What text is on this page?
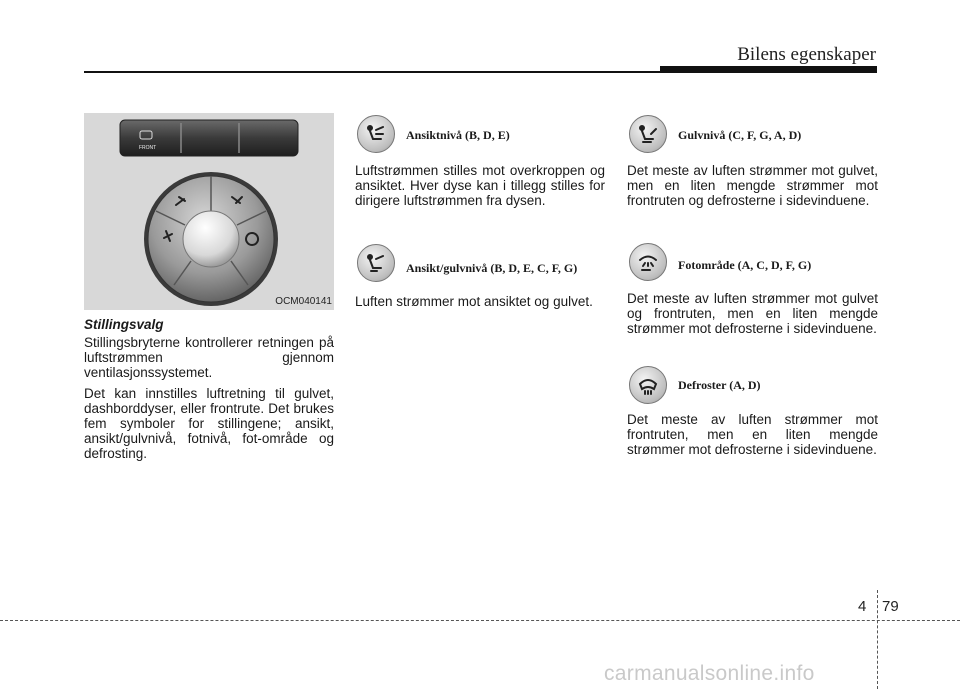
Bilens egenskaper
FRONT
OCM040141
Stillingsvalg

Stillingsbryterne kontrollerer retningen på luftstrømmen gjennom ventilasjonssystemet.

Det kan innstilles luftretning til gulvet, dashborddyser, eller frontrute. Det brukes fem symboler for stillingene; ansikt, ansikt/gulvnivå, fotnivå, fot-område og defrosting.

Ansiktnivå (B, D, E)

Luftstrømmen stilles mot overkroppen og ansiktet. Hver dyse kan i tillegg stilles for dirigere luftstrømmen fra dysen.

Ansikt/gulvnivå (B, D, E, C, F, G)

Luften strømmer mot ansiktet og gulvet.

Gulvnivå (C, F, G, A, D)

Det meste av luften strømmer mot gulvet, men en liten mengde strømmer mot frontruten og defrosterne i sidevinduene.

Fotområde (A, C, D, F, G)

Det meste av luften strømmer mot gulvet og frontruten, men en liten mengde strømmer mot defrosterne i sidevinduene.

Defroster (A, D)

Det meste av luften strømmer mot frontruten, men en liten mengde strømmer mot defrosterne i sidevinduene.

4 79
carmanualsonline.info
